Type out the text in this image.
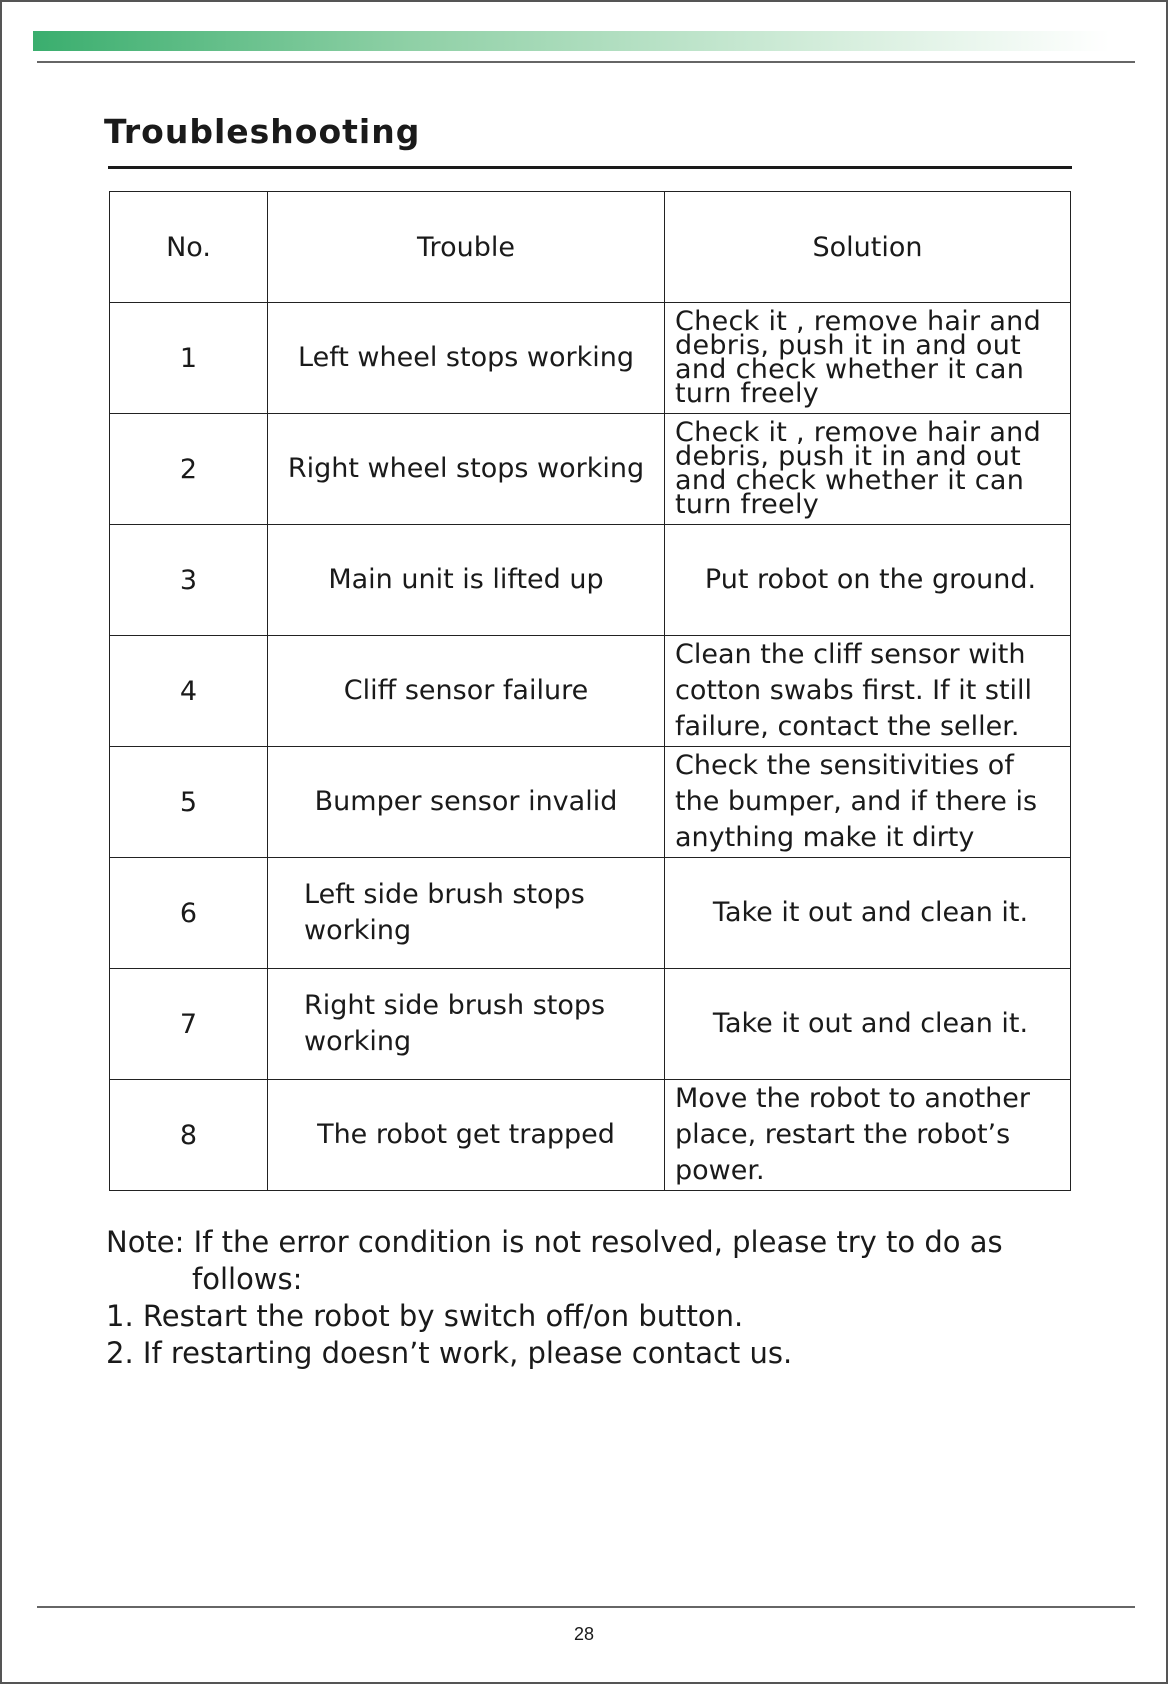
Troubleshooting
No.	Trouble	Solution
1	Left wheel stops working	Check it , remove hair and debris, push it in and out and check whether it can turn freely
2	Right wheel stops working	Check it , remove hair and debris, push it in and out and check whether it can turn freely
3	Main unit is lifted up	Put robot on the ground.
4	Cliff sensor failure	Clean the cliff sensor with cotton swabs first. If it still failure, contact the seller.
5	Bumper sensor invalid	Check the sensitivities of the bumper, and if there is anything make it dirty
6	Left side brush stops working	Take it out and clean it.
7	Right side brush stops working	Take it out and clean it.
8	The robot get trapped	Move the robot to another place, restart the robot’s power.
Note: If the error condition is not resolved, please try to do as
follows:
1. Restart the robot by switch off/on button.
2. If restarting doesn’t work, please contact us.
28
